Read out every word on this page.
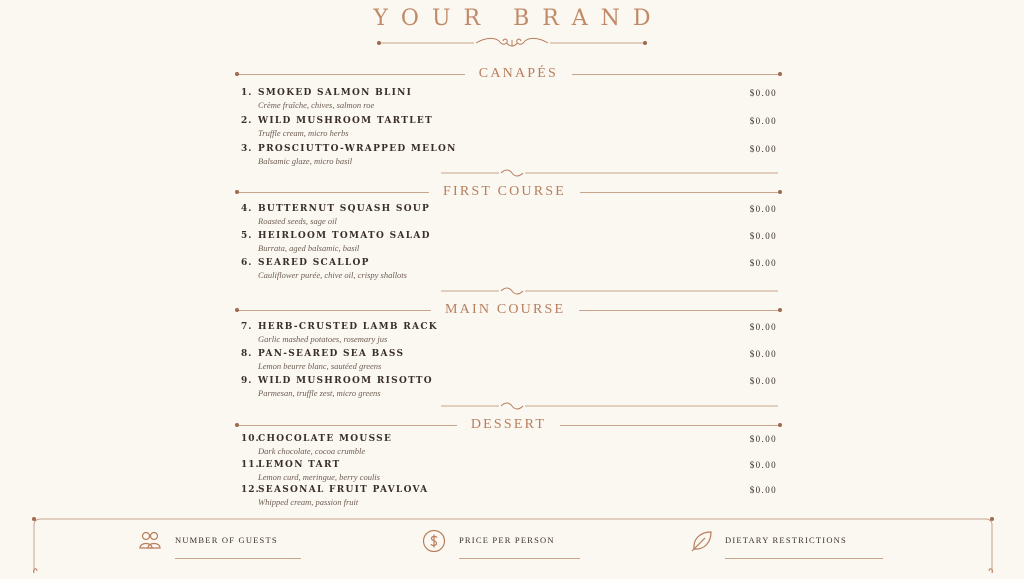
YOUR BRAND
CANAPÉS
1. SMOKED SALMON BLINI
Crème fraîche, chives, salmon roe
$0.00
2. WILD MUSHROOM TARTLET
Truffle cream, micro herbs
$0.00
3. PROSCIUTTO-WRAPPED MELON
Balsamic glaze, micro basil
$0.00
FIRST COURSE
4. BUTTERNUT SQUASH SOUP
Roasted seeds, sage oil
$0.00
5. HEIRLOOM TOMATO SALAD
Burrata, aged balsamic, basil
$0.00
6. SEARED SCALLOP
Cauliflower purée, chive oil, crispy shallots
$0.00
MAIN COURSE
7. HERB-CRUSTED LAMB RACK
Garlic mashed potatoes, rosemary jus
$0.00
8. PAN-SEARED SEA BASS
Lemon beurre blanc, sautéed greens
$0.00
9. WILD MUSHROOM RISOTTO
Parmesan, truffle zest, micro greens
$0.00
DESSERT
10.
CHOCOLATE MOUSSE
Dark chocolate, cocoa crumble
$0.00
11.
LEMON TART
Lemon curd, meringue, berry coulis
$0.00
12.
SEASONAL FRUIT PAVLOVA
Whipped cream, passion fruit
$0.00
NUMBER OF GUESTS	PRICE PER PERSON	DIETARY RESTRICTIONS
